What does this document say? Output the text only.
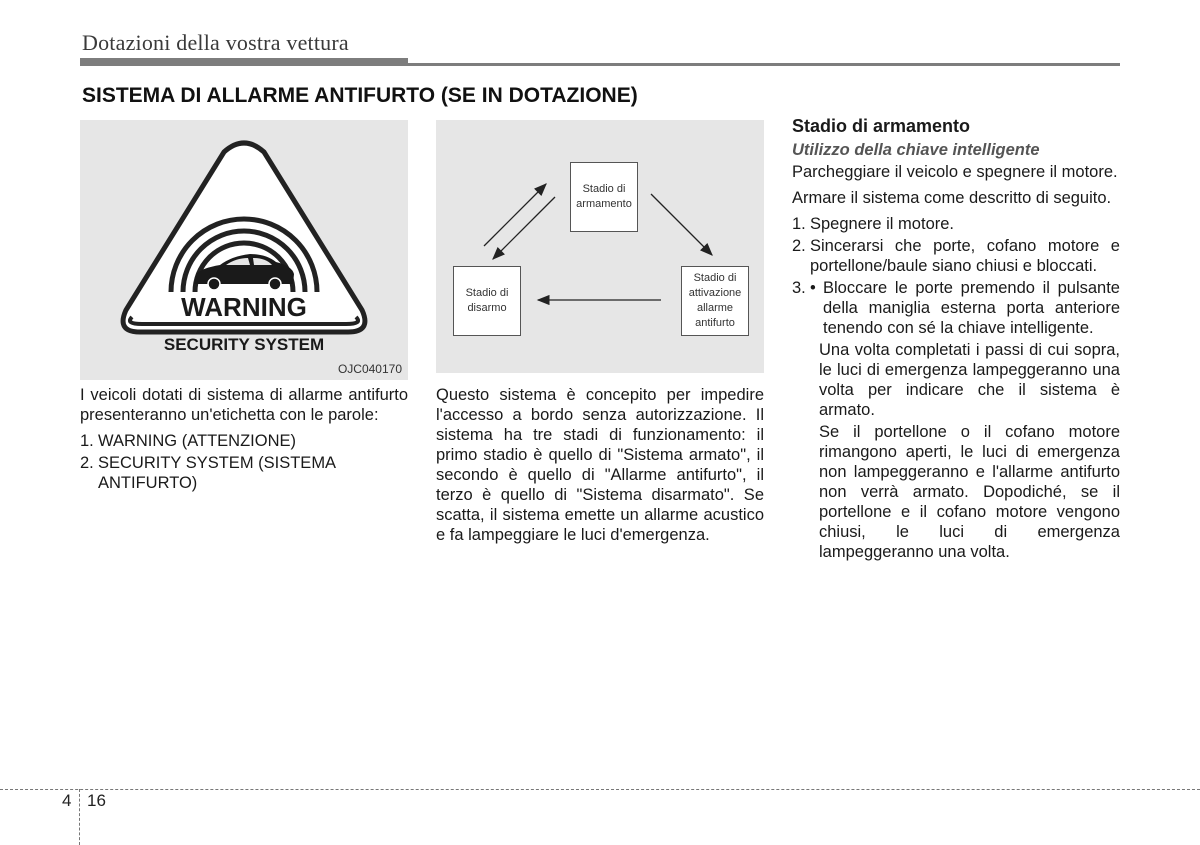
Dotazioni della vostra vettura
SISTEMA DI ALLARME ANTIFURTO (SE IN DOTAZIONE)
WARNING
SECURITY SYSTEM
OJC040170
Stadio di armamento
Stadio di disarmo
Stadio di attivazione allarme antifurto

I veicoli dotati di sistema di allarme antifurto presenteranno un'etichetta con le parole:

1. WARNING (ATTENZIONE)
2. SECURITY SYSTEM (SISTEMA ANTIFURTO)

Questo sistema è concepito per impedire l'accesso a bordo senza autorizzazione. Il sistema ha tre stadi di funzionamento: il primo stadio è quello di "Sistema armato", il secondo è quello di "Allarme antifurto", il terzo è quello di "Sistema disarmato". Se scatta, il sistema emette un allarme acustico e fa lampeggiare le luci d'emergenza.

Stadio di armamento
Utilizzo della chiave intelligente

Parcheggiare il veicolo e spegnere il motore.

Armare il sistema come descritto di seguito.

1. Spegnere il motore.
2. Sincerarsi che porte, cofano motore e portellone/baule siano chiusi e bloccati.
3. • Bloccare le porte premendo il pulsante della maniglia esterna porta anteriore tenendo con sé la chiave intelligente.

Una volta completati i passi di cui sopra, le luci di emergenza lampeggeranno una volta per indicare che il sistema è armato.

Se il portellone o il cofano motore rimangono aperti, le luci di emergenza non lampeggeranno e l'allarme antifurto non verrà armato. Dopodiché, se il portellone e il cofano motore vengono chiusi, le luci di emergenza lampeggeranno una volta.

4 16
